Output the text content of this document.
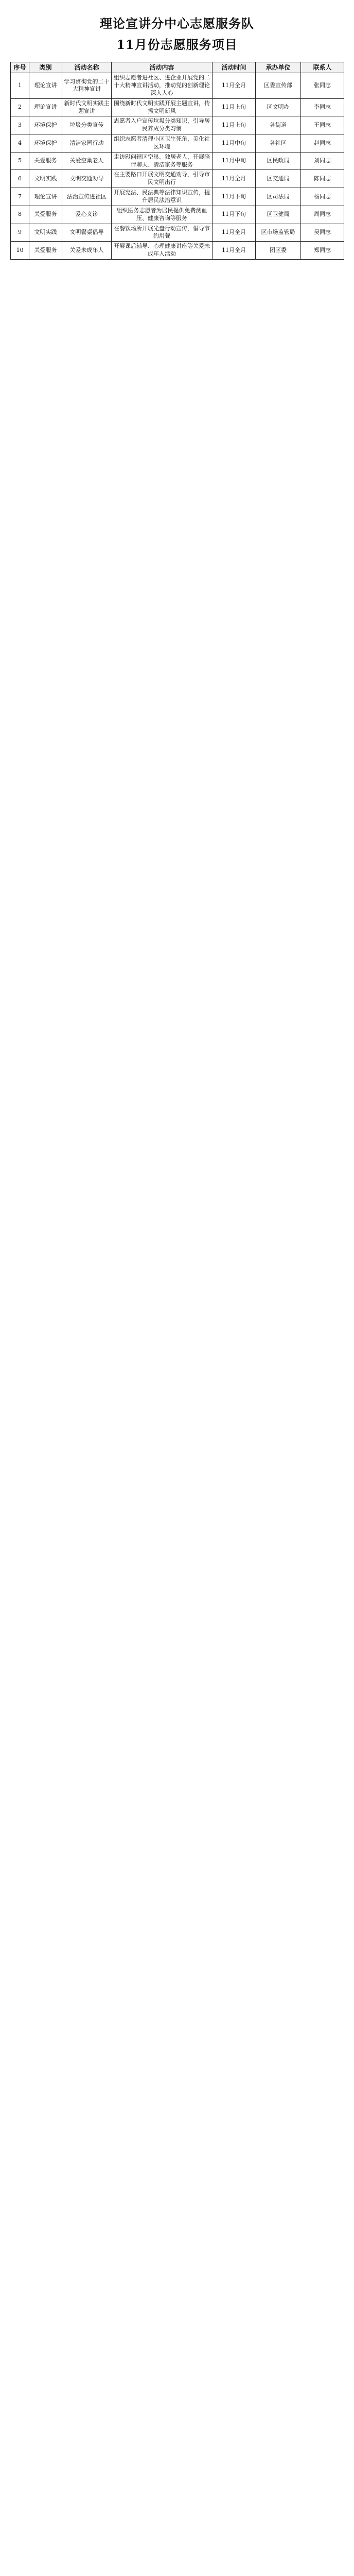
理论宣讲分中心志愿服务队
11月份志愿服务项目
序号	类别	活动名称	活动内容	活动时间	承办单位	联系人
1	理论宣讲	学习贯彻党的二十大精神宣讲	组织志愿者进社区、进企业开展党的二十大精神宣讲活动，推动党的创新理论深入人心	11月全月	区委宣传部	张同志
2	理论宣讲	新时代文明实践主题宣讲	围绕新时代文明实践开展主题宣讲，传播文明新风	11月上旬	区文明办	李同志
3	环境保护	垃圾分类宣传	志愿者入户宣传垃圾分类知识，引导居民养成分类习惯	11月上旬	各街道	王同志
4	环境保护	清洁家园行动	组织志愿者清理小区卫生死角，美化社区环境	11月中旬	各社区	赵同志
5	关爱服务	关爱空巢老人	走访慰问辖区空巢、独居老人，开展陪伴聊天、清洁家务等服务	11月中旬	区民政局	刘同志
6	文明实践	文明交通劝导	在主要路口开展文明交通劝导，引导市民文明出行	11月全月	区交通局	陈同志
7	理论宣讲	法治宣传进社区	开展宪法、民法典等法律知识宣传，提升居民法治意识	11月下旬	区司法局	杨同志
8	关爱服务	爱心义诊	组织医务志愿者为居民提供免费测血压、健康咨询等服务	11月下旬	区卫健局	周同志
9	文明实践	文明餐桌倡导	在餐饮场所开展光盘行动宣传，倡导节约用餐	11月全月	区市场监管局	吴同志
10	关爱服务	关爱未成年人	开展课后辅导、心理健康讲座等关爱未成年人活动	11月全月	团区委	郑同志
